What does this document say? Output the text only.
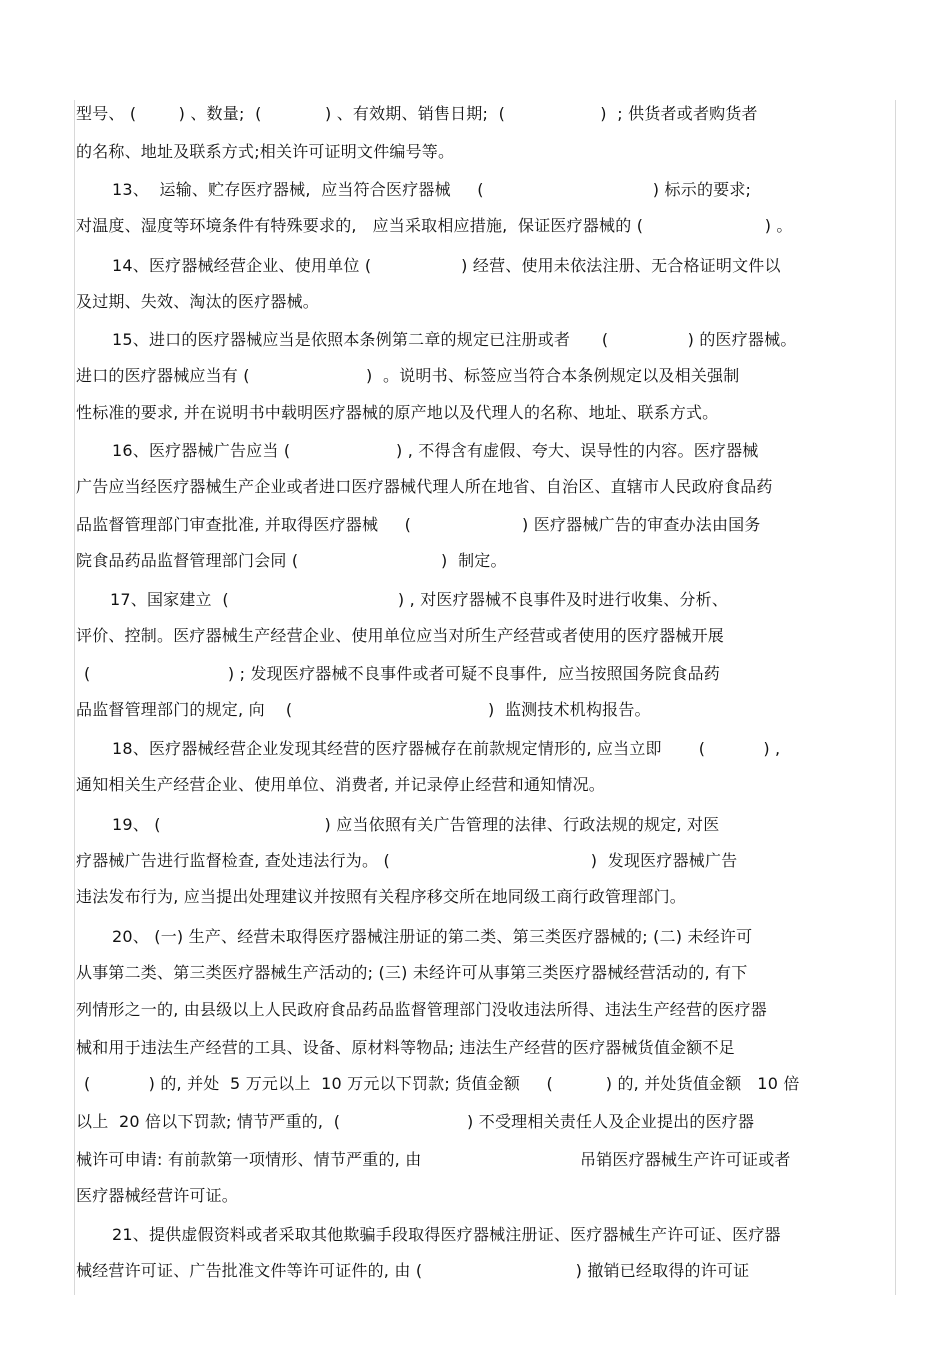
型号、 (        ) 、数量;  (            ) 、有效期、销售日期;  (                  )  ; 供货者或者购货者
的名称、地址及联系方式;相关许可证明文件编号等。
13、  运输、贮存医疗器械,  应当符合医疗器械     (                                ) 标示的要求;
对温度、湿度等环境条件有特殊要求的,   应当采取相应措施,  保证医疗器械的 (                       ) 。
14、医疗器械经营企业、使用单位 (                 ) 经营、使用未依法注册、无合格证明文件以
及过期、失效、淘汰的医疗器械。
15、进口的医疗器械应当是依照本条例第二章的规定已注册或者      (               ) 的医疗器械。
进口的医疗器械应当有 (                      )  。说明书、标签应当符合本条例规定以及相关强制
性标准的要求, 并在说明书中载明医疗器械的原产地以及代理人的名称、地址、联系方式。
16、医疗器械广告应当 (                    ) , 不得含有虚假、夸大、误导性的内容。医疗器械
广告应当经医疗器械生产企业或者进口医疗器械代理人所在地省、自治区、直辖市人民政府食品药
品监督管理部门审查批准, 并取得医疗器械     (                     ) 医疗器械广告的审查办法由国务
院食品药品监督管理部门会同 (                           )  制定。
17、国家建立  (                                ) , 对医疗器械不良事件及时进行收集、分析、
评价、控制。医疗器械生产经营企业、使用单位应当对所生产经营或者使用的医疗器械开展
(                          ) ; 发现医疗器械不良事件或者可疑不良事件,  应当按照国务院食品药
品监督管理部门的规定, 向    (                                     )  监测技术机构报告。
18、医疗器械经营企业发现其经营的医疗器械存在前款规定情形的, 应当立即       (           ) ,
通知相关生产经营企业、使用单位、消费者, 并记录停止经营和通知情况。
19、 (                               ) 应当依照有关广告管理的法律、行政法规的规定, 对医
疗器械广告进行监督检查, 查处违法行为。 (                                      )  发现医疗器械广告
违法发布行为, 应当提出处理建议并按照有关程序移交所在地同级工商行政管理部门。
20、 (一) 生产、经营未取得医疗器械注册证的第二类、第三类医疗器械的; (二) 未经许可
从事第二类、第三类医疗器械生产活动的; (三) 未经许可从事第三类医疗器械经营活动的, 有下
列情形之一的, 由县级以上人民政府食品药品监督管理部门没收违法所得、违法生产经营的医疗器
械和用于违法生产经营的工具、设备、原材料等物品; 违法生产经营的医疗器械货值金额不足
(           ) 的, 并处  5 万元以上  10 万元以下罚款; 货值金额     (          ) 的, 并处货值金额   10 倍
以上  20 倍以下罚款; 情节严重的,  (                        ) 不受理相关责任人及企业提出的医疗器
械许可申请: 有前款第一项情形、情节严重的, 由                              吊销医疗器械生产许可证或者
医疗器械经营许可证。
21、提供虚假资料或者采取其他欺骗手段取得医疗器械注册证、医疗器械生产许可证、医疗器
械经营许可证、广告批准文件等许可证件的, 由 (                             ) 撤销已经取得的许可证
